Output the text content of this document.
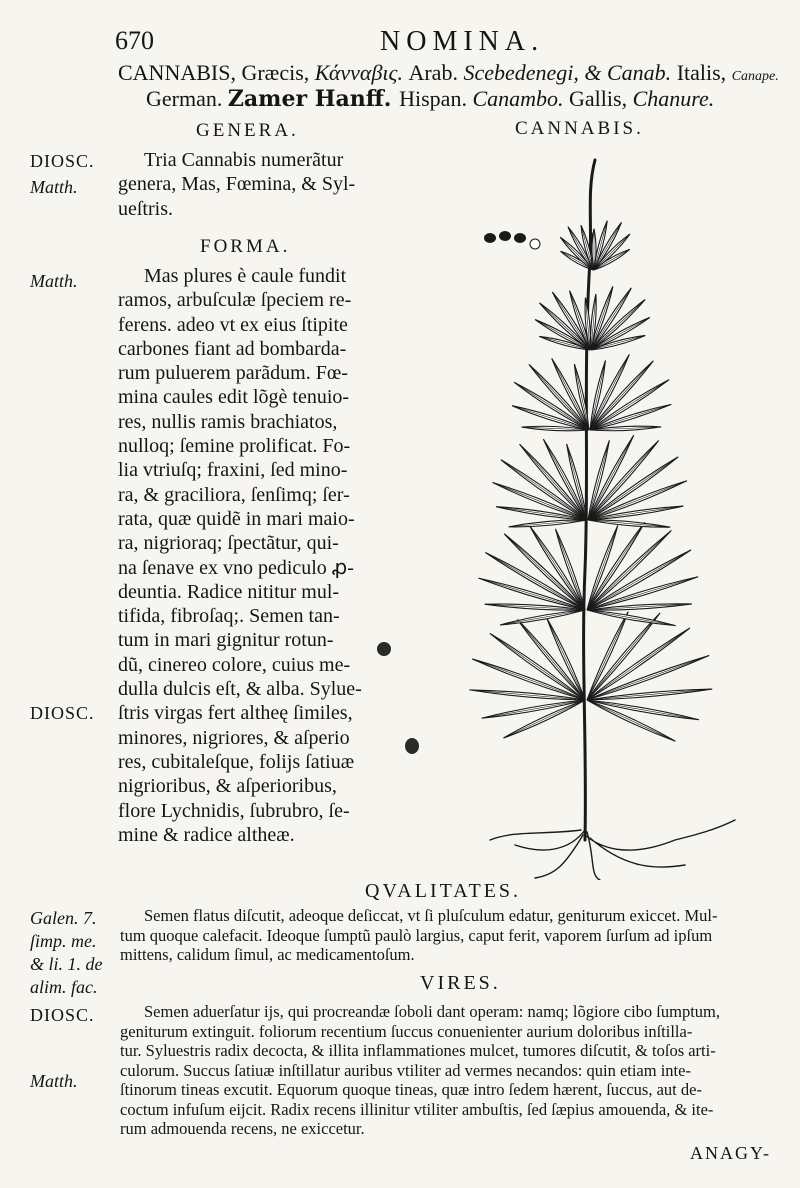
670	NOMINA.
CANNABIS, Græcis, Κάνναβις. Arab. Scebedenegi, & Canab. Italis, Canape.
German. Zamer Hanff. Hispan. Canambo. Gallis, Chanure.
GENERA.	CANNABIS.
DIOSC.
Matth.
Tria Cannabis numerãtur
genera, Mas, Fœmina, & Syl-
ueſtris.
FORMA.
Matth.
DIOSC.
Mas plures è caule fundit
ramos, arbuſculæ ſpeciem re-
ferens. adeo vt ex eius ſtipite
carbones fiant ad bombarda-
rum puluerem parãdum. Fœ-
mina caules edit lõgè tenuio-
res, nullis ramis brachiatos,
nulloq; ſemine prolificat. Fo-
lia vtriuſq; fraxini, ſed mino-
ra, & graciliora, ſenſimq; ſer-
rata, quæ quidẽ in mari maio-
ra, nigrioraq; ſpectãtur, qui-
na ſenave ex vno pediculo ꝓ-
deuntia. Radice nititur mul-
tifida, fibroſaq;. Semen tan-
tum in mari gignitur rotun-
dũ, cinereo colore, cuius me-
dulla dulcis eſt, & alba. Sylue-
ſtris virgas fert altheę ſimiles,
minores, nigriores, & aſperio
res, cubitaleſque, folijs ſatiuæ
nigrioribus, & aſperioribus,
flore Lychnidis, ſubrubro, ſe-
mine & radice altheæ.
QVALITATES.
Galen. 7.
ſimp. me.
& li. 1. de
alim. fac.
Semen flatus diſcutit, adeoque deſiccat, vt ſi pluſculum edatur, geniturum exiccet. Mul-
tum quoque calefacit. Ideoque ſumptũ paulò largius, caput ferit, vaporem ſurſum ad ipſum
mittens, calidum ſimul, ac medicamentoſum.
VIRES.
DIOSC.
Matth.
Semen aduerſatur ijs, qui procreandæ ſoboli dant operam: namq; lõgiore cibo ſumptum,
geniturum extinguit. foliorum recentium ſuccus conuenienter aurium doloribus inſtilla-
tur. Syluestris radix decocta, & illita inflammationes mulcet, tumores diſcutit, & toſos arti-
culorum. Succus ſatiuæ inſtillatur auribus vtiliter ad vermes necandos: quin etiam inte-
ſtinorum tineas excutit. Equorum quoque tineas, quæ intro ſedem hærent, ſuccus, aut de-
coctum infuſum eijcit. Radix recens illinitur vtiliter ambuſtis, ſed ſæpius amouenda, & ite-
rum admouenda recens, ne exiccetur.
ANAGY-
